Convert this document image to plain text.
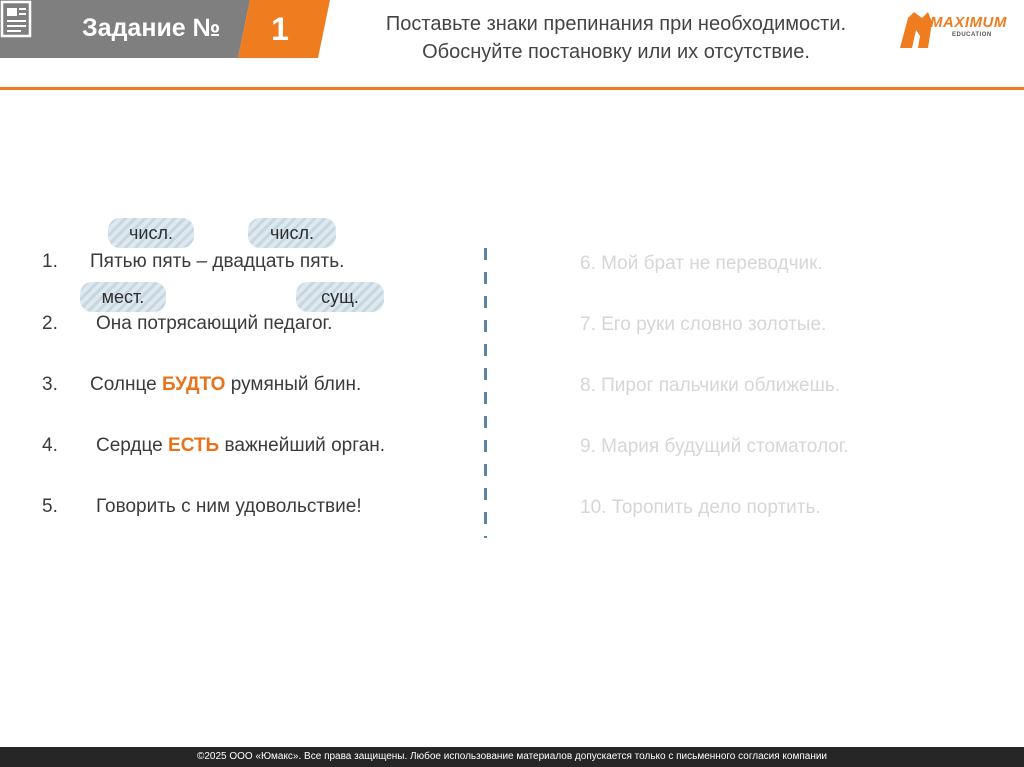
Задание №	1	Поставьте знаки препинания при необходимости.
Обоснуйте постановку или их отсутствие.
MAXIMUM
EDUCATION
числ.	числ.
1. Пятью пять – двадцать пять.
мест.	сущ.
2. Она потрясающий педагог.
3. Солнце БУДТО румяный блин.
4. Сердце ЕСТЬ важнейший орган.
5. Говорить с ним удовольствие!
6. Мой брат не переводчик.
7. Его руки словно золотые.
8. Пирог пальчики оближешь.
9. Мария будущий стоматолог.
10. Торопить дело портить.
©2025 ООО «Юмакс». Все права защищены. Любое использование материалов допускается только с письменного согласия компании
